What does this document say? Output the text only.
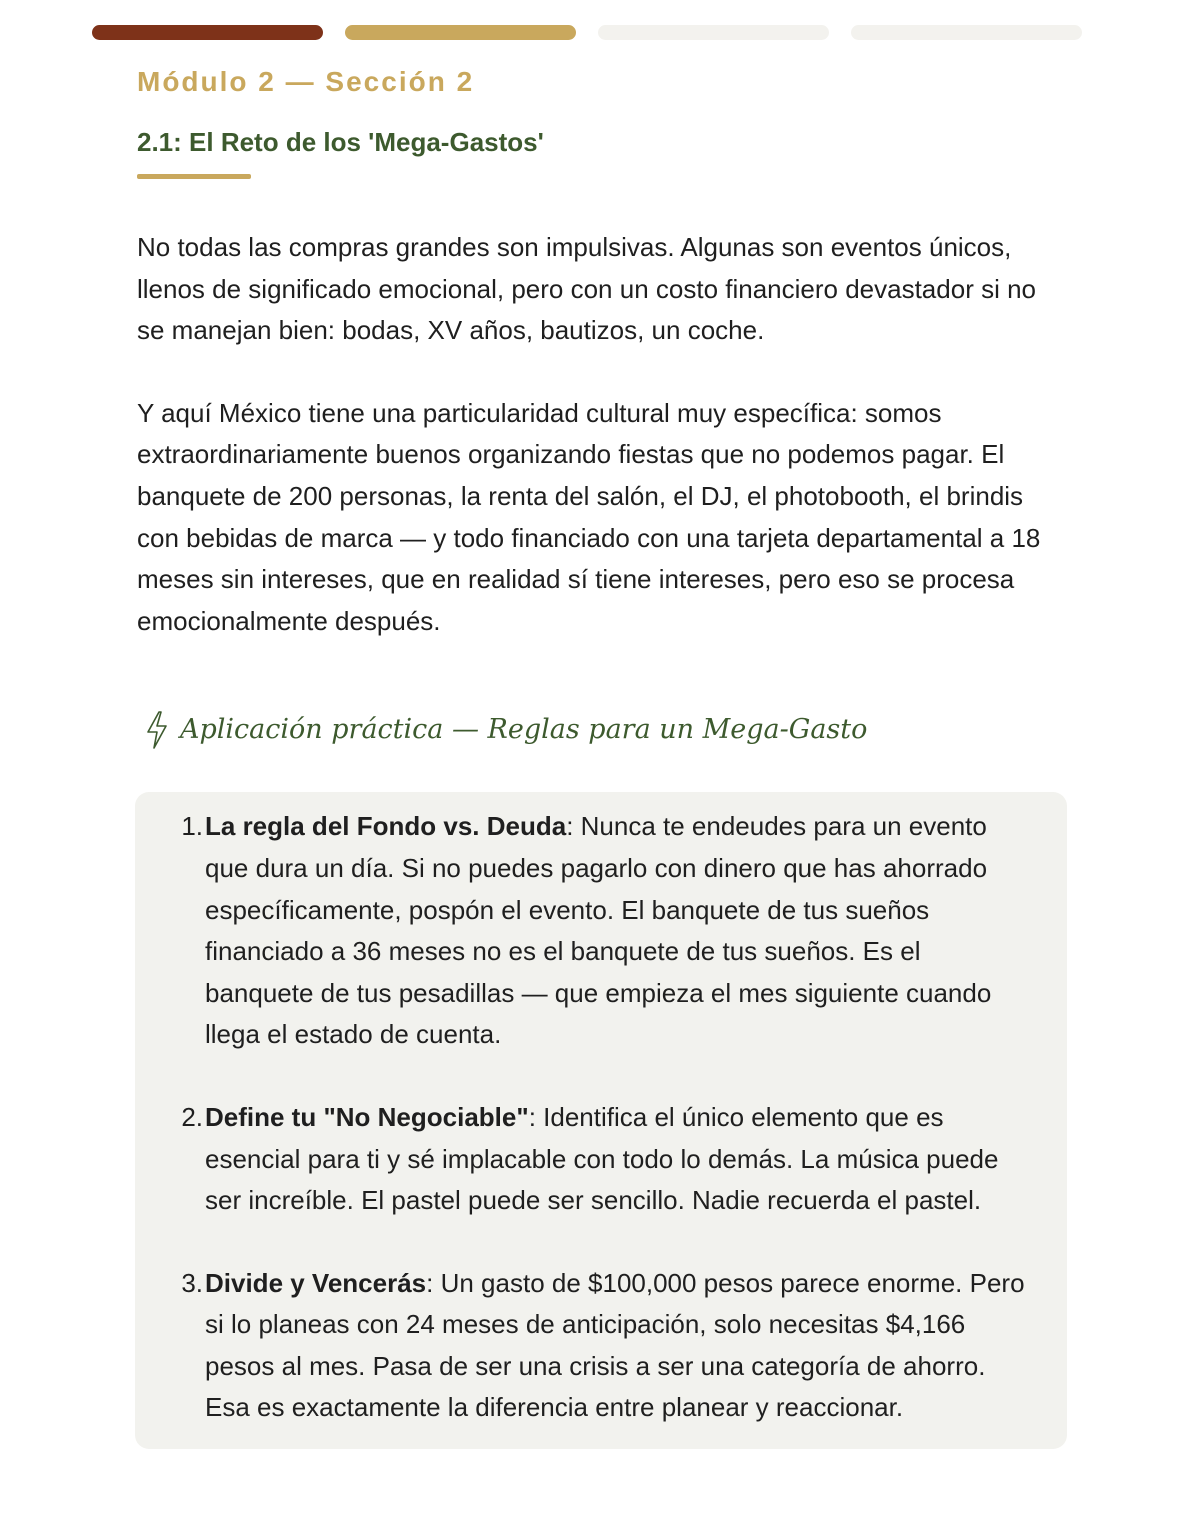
Módulo 2 — Sección 2

2.1: El Reto de los 'Mega-Gastos'

No todas las compras grandes son impulsivas. Algunas son eventos únicos, llenos de significado emocional, pero con un costo financiero devastador si no se manejan bien: bodas, XV años, bautizos, un coche.

Y aquí México tiene una particularidad cultural muy específica: somos extraordinariamente buenos organizando fiestas que no podemos pagar. El banquete de 200 personas, la renta del salón, el DJ, el photobooth, el brindis con bebidas de marca — y todo financiado con una tarjeta departamental a 18 meses sin intereses, que en realidad sí tiene intereses, pero eso se procesa emocionalmente después.

Aplicación práctica — Reglas para un Mega-Gasto
1. La regla del Fondo vs. Deuda: Nunca te endeudes para un evento que dura un día. Si no puedes pagarlo con dinero que has ahorrado específicamente, pospón el evento. El banquete de tus sueños financiado a 36 meses no es el banquete de tus sueños. Es el banquete de tus pesadillas — que empieza el mes siguiente cuando llega el estado de cuenta.
2. Define tu "No Negociable": Identifica el único elemento que es esencial para ti y sé implacable con todo lo demás. La música puede ser increíble. El pastel puede ser sencillo. Nadie recuerda el pastel.
3. Divide y Vencerás: Un gasto de $100,000 pesos parece enorme. Pero si lo planeas con 24 meses de anticipación, solo necesitas $4,166 pesos al mes. Pasa de ser una crisis a ser una categoría de ahorro. Esa es exactamente la diferencia entre planear y reaccionar.
